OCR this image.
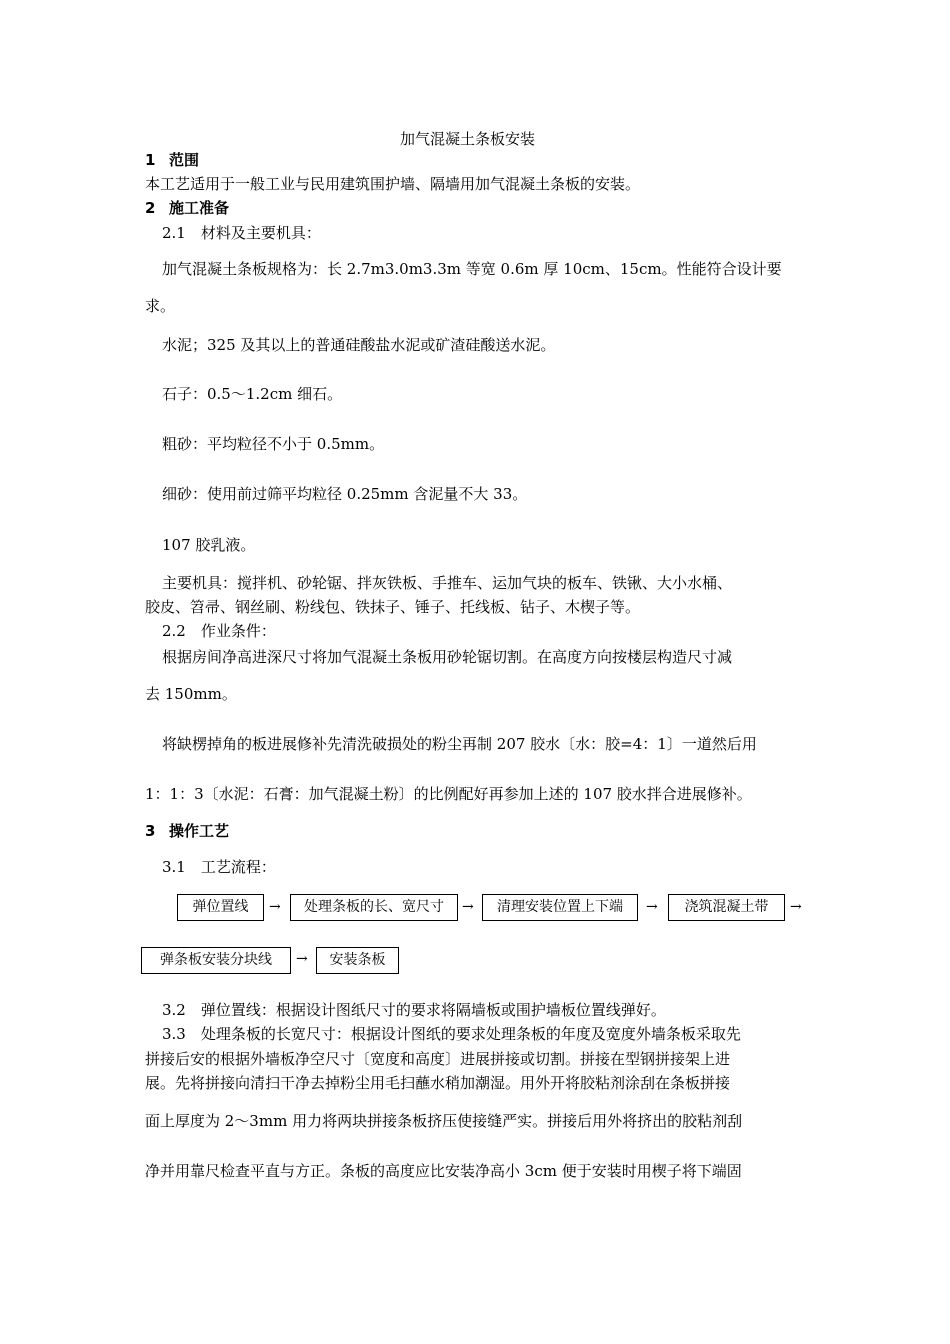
加气混凝土条板安装
1 范围
本工艺适用于一般工业与民用建筑围护墙、隔墙用加气混凝土条板的安装。
2 施工准备
2.1　材料及主要机具：
加气混凝土条板规格为：长 2.7m3.0m3.3m 等宽 0.6m 厚 10cm、15cm。性能符合设计要
求。
水泥；325 及其以上的普通硅酸盐水泥或矿渣硅酸送水泥。
石子：0.5～1.2cm 细石。
粗砂：平均粒径不小于 0.5mm。
细砂：使用前过筛平均粒径 0.25mm 含泥量不大 33。
107 胶乳液。
主要机具：搅拌机、砂轮锯、拌灰铁板、手推车、运加气块的板车、铁锹、大小水桶、
胶皮、笤帚、钢丝刷、粉线包、铁抹子、锤子、托线板、钻子、木楔子等。
2.2　作业条件：
根据房间净高进深尺寸将加气混凝土条板用砂轮锯切割。在高度方向按楼层构造尺寸减
去 150mm。
将缺楞掉角的板进展修补先清洗破损处的粉尘再制 207 胶水〔水：胶=4：1〕一道然后用
1：1：3〔水泥：石膏：加气混凝土粉〕的比例配好再参加上述的 107 胶水拌合进展修补。
3 操作工艺
3.1　工艺流程：
弹位置线	→	处理条板的长、宽尺寸	→	清理安装位置上下端	→	浇筑混凝土带	→
弹条板安装分块线	→	安装条板
3.2　弹位置线：根据设计图纸尺寸的要求将隔墙板或围护墙板位置线弹好。
3.3　处理条板的长宽尺寸：根据设计图纸的要求处理条板的年度及宽度外墙条板采取先
拼接后安的根据外墙板净空尺寸〔宽度和高度〕进展拼接或切割。拼接在型钢拼接架上进
展。先将拼接向清扫干净去掉粉尘用毛扫蘸水稍加潮湿。用外开将胶粘剂涂刮在条板拼接
面上厚度为 2～3mm 用力将两块拼接条板挤压使接缝严实。拼接后用外将挤出的胶粘剂刮
净并用靠尺检查平直与方正。条板的高度应比安装净高小 3cm 便于安装时用楔子将下端固
